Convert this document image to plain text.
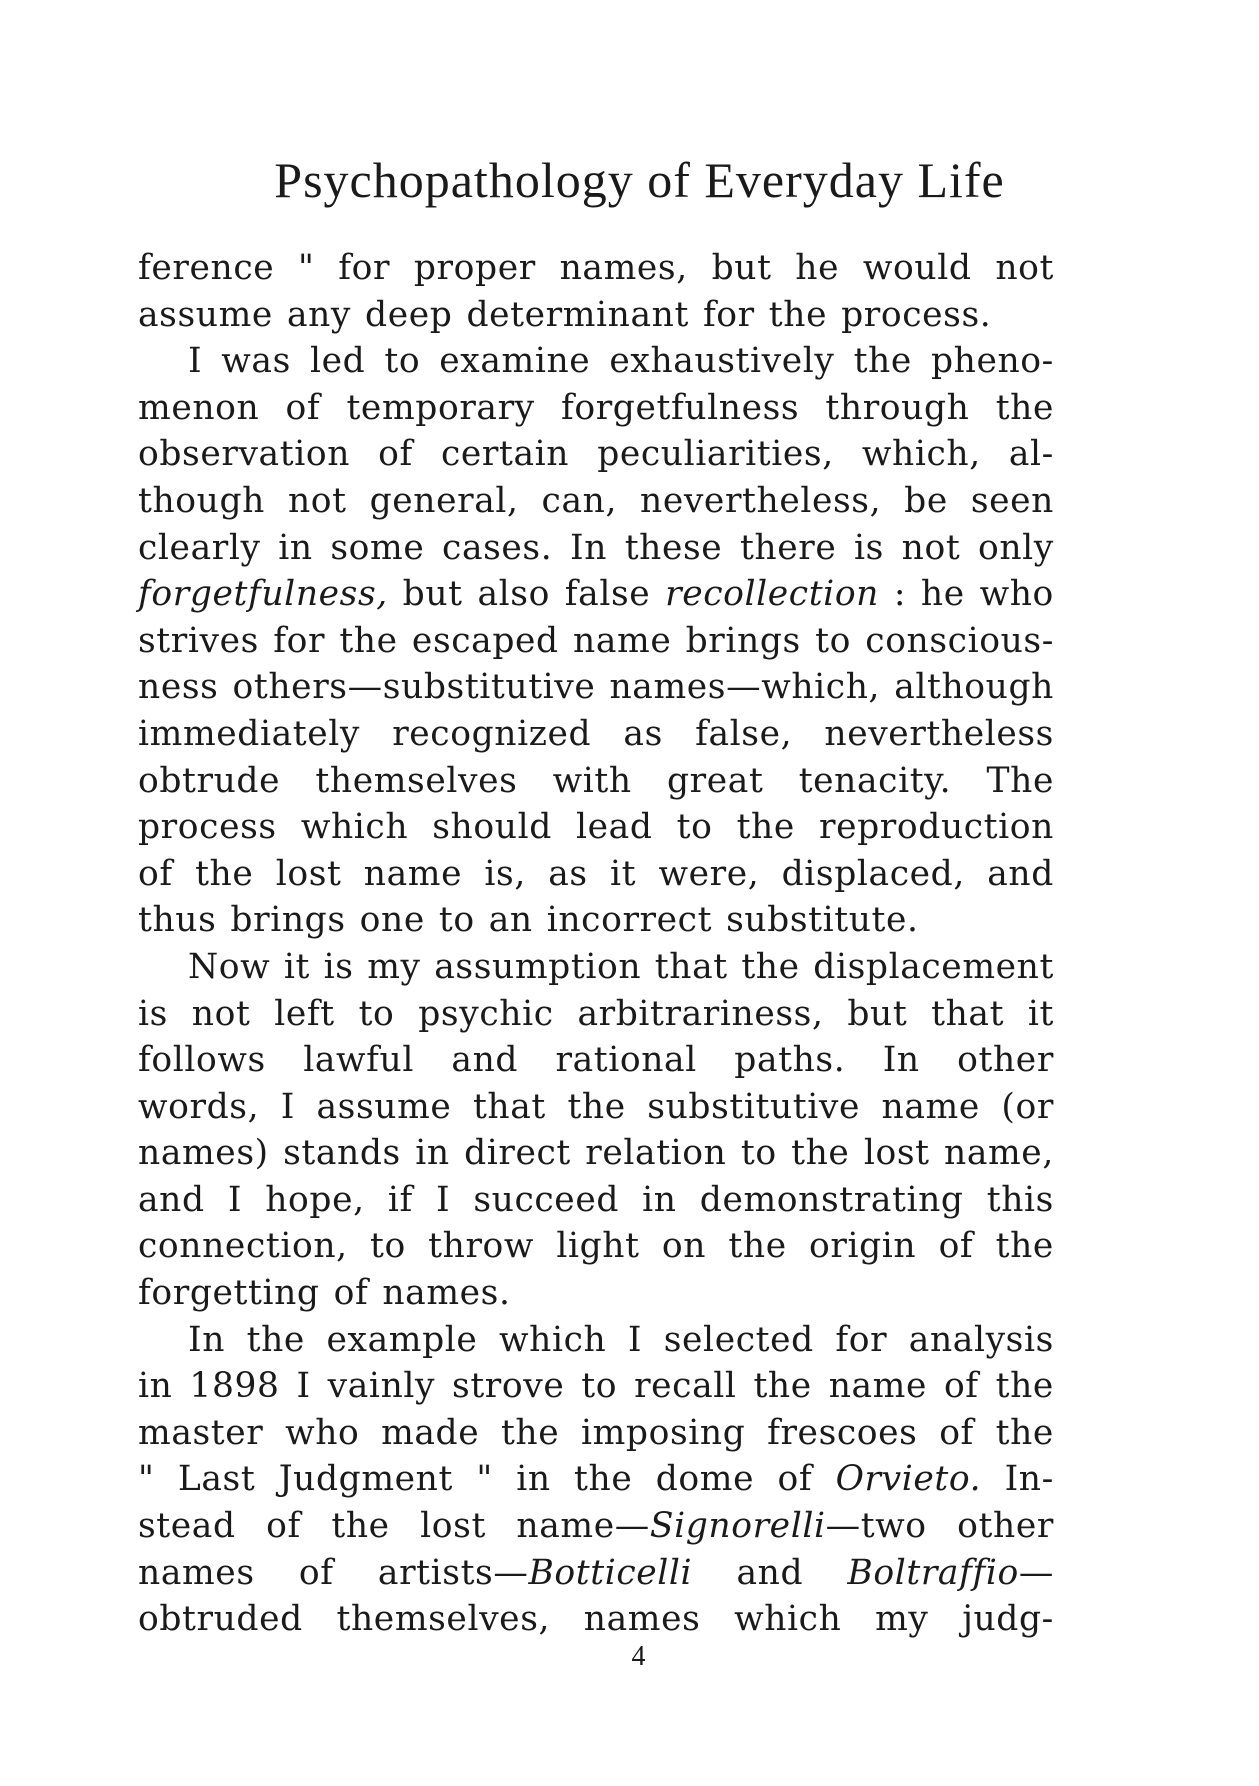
Psychopathology of Everyday Life
ference " for proper names, but he would not
assume any deep determinant for the process.
I was led to examine exhaustively the pheno-
menon of temporary forgetfulness through the
observation of certain peculiarities, which, al-
though not general, can, nevertheless, be seen
clearly in some cases. In these there is not only
forgetfulness, but also false recollection : he who
strives for the escaped name brings to conscious-
ness others—substitutive names—which, although
immediately recognized as false, nevertheless
obtrude themselves with great tenacity. The
process which should lead to the reproduction
of the lost name is, as it were, displaced, and
thus brings one to an incorrect substitute.
Now it is my assumption that the displacement
is not left to psychic arbitrariness, but that it
follows lawful and rational paths. In other
words, I assume that the substitutive name (or
names) stands in direct relation to the lost name,
and I hope, if I succeed in demonstrating this
connection, to throw light on the origin of the
forgetting of names.
In the example which I selected for analysis
in 1898 I vainly strove to recall the name of the
master who made the imposing frescoes of the
" Last Judgment " in the dome of Orvieto. In-
stead of the lost name—Signorelli—two other
names of artists—Botticelli and Boltraffio—
obtruded themselves, names which my judg-
4
